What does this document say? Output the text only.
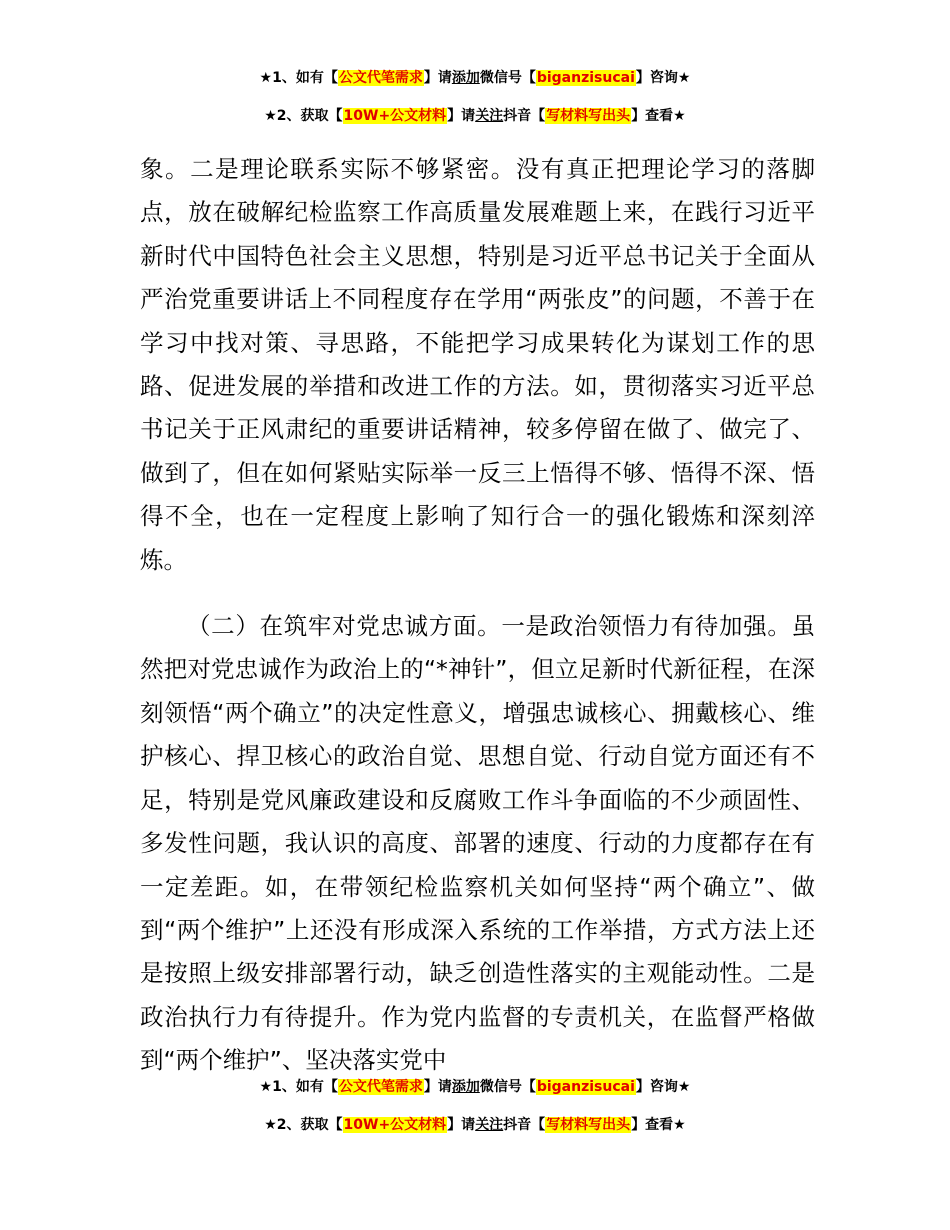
★1、如有【公文代笔需求】请添加微信号【biganzisucai】咨询★
★2、获取【10W+公文材料】请关注抖音【写材料写出头】查看★

象。二是理论联系实际不够紧密。没有真正把理论学习的落脚点，放在破解纪检监察工作高质量发展难题上来，在践行习近平新时代中国特色社会主义思想，特别是习近平总书记关于全面从严治党重要讲话上不同程度存在学用“两张皮”的问题，不善于在学习中找对策、寻思路，不能把学习成果转化为谋划工作的思路、促进发展的举措和改进工作的方法。如，贯彻落实习近平总书记关于正风肃纪的重要讲话精神，较多停留在做了、做完了、做到了，但在如何紧贴实际举一反三上悟得不够、悟得不深、悟得不全，也在一定程度上影响了知行合一的强化锻炼和深刻淬炼。

（二）在筑牢对党忠诚方面。一是政治领悟力有待加强。虽然把对党忠诚作为政治上的“*神针”，但立足新时代新征程，在深刻领悟“两个确立”的决定性意义，增强忠诚核心、拥戴核心、维护核心、捍卫核心的政治自觉、思想自觉、行动自觉方面还有不足，特别是党风廉政建设和反腐败工作斗争面临的不少顽固性、多发性问题，我认识的高度、部署的速度、行动的力度都存在有一定差距。如，在带领纪检监察机关如何坚持“两个确立”、做到“两个维护”上还没有形成深入系统的工作举措，方式方法上还是按照上级安排部署行动，缺乏创造性落实的主观能动性。二是政治执行力有待提升。作为党内监督的专责机关，在监督严格做到“两个维护”、坚决落实党中

★1、如有【公文代笔需求】请添加微信号【biganzisucai】咨询★
★2、获取【10W+公文材料】请关注抖音【写材料写出头】查看★
